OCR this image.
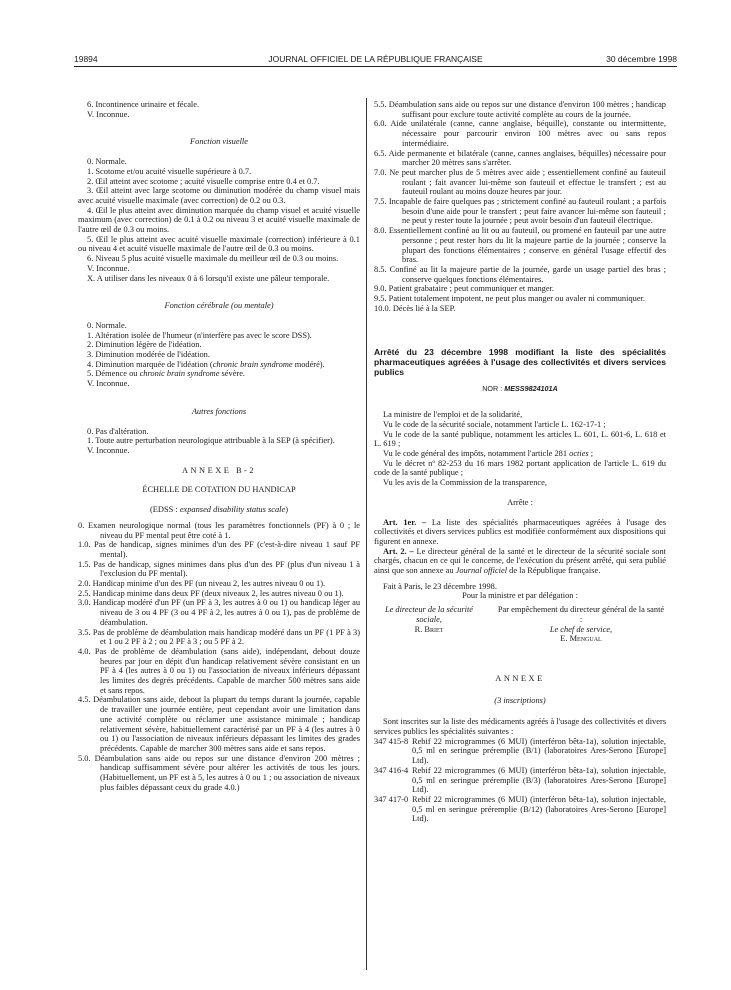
19894	JOURNAL OFFICIEL DE LA RÉPUBLIQUE FRANÇAISE	30 décembre 1998

6. Incontinence urinaire et fécale.

V. Inconnue.

Fonction visuelle

0. Normale.

1. Scotome et/ou acuité visuelle supérieure à 0.7.

2. Œil atteint avec scotome ; acuité visuelle comprise entre 0.4 et 0.7.

3. Œil atteint avec large scotome ou diminution modérée du champ visuel mais avec acuité visuelle maximale (avec correction) de 0.2 ou 0.3.

4. Œil le plus atteint avec diminution marquée du champ visuel et acuité visuelle maximum (avec correction) de 0.1 à 0.2 ou niveau 3 et acuité visuelle maximale de l'autre œil de 0.3 ou moins.

5. Œil le plus atteint avec acuité visuelle maximale (correction) inférieure à 0.1 ou niveau 4 et acuité visuelle maximale de l'autre œil de 0.3 ou moins.

6. Niveau 5 plus acuité visuelle maximale du meilleur œil de 0.3 ou moins.

V. Inconnue.

X. A utiliser dans les niveaux 0 à 6 lorsqu'il existe une pâleur temporale.

Fonction cérébrale (ou mentale)

0. Normale.

1. Altération isolée de l'humeur (n'interfère pas avec le score DSS).

2. Diminution légère de l'idéation.

3. Diminution modérée de l'idéation.

4. Diminution marquée de l'idéation (chronic brain syndrome modéré).

5. Démence ou chronic brain syndrome sévère.

V. Inconnue.

Autres fonctions

0. Pas d'altération.

1. Toute autre perturbation neurologique attribuable à la SEP (à spécifier).

V. Inconnue.

ANNEXE B-2

ÉCHELLE DE COTATION DU HANDICAP

(EDSS : expansed disability status scale)

0. Examen neurologique normal (tous les paramètres fonctionnels (PF) à 0 ; le niveau du PF mental peut être coté à 1.

1.0. Pas de handicap, signes minimes d'un des PF (c'est-à-dire niveau 1 sauf PF mental).

1.5. Pas de handicap, signes minimes dans plus d'un des PF (plus d'un niveau 1 à l'exclusion du PF mental).

2.0. Handicap minime d'un des PF (un niveau 2, les autres niveau 0 ou 1).

2.5. Handicap minime dans deux PF (deux niveaux 2, les autres niveau 0 ou 1).

3.0. Handicap modéré d'un PF (un PF à 3, les autres à 0 ou 1) ou handicap léger au niveau de 3 ou 4 PF (3 ou 4 PF à 2, les autres à 0 ou 1), pas de problème de déambulation.

3.5. Pas de problème de déambulation mais handicap modéré dans un PF (1 PF à 3) et 1 ou 2 PF à 2 ; ou 2 PF à 3 ; ou 5 PF à 2.

4.0. Pas de problème de déambulation (sans aide), indépendant, debout douze heures par jour en dépit d'un handicap relativement sévère consistant en un PF à 4 (les autres à 0 ou 1) ou l'association de niveaux inférieurs dépassant les limites des degrés précédents. Capable de marcher 500 mètres sans aide et sans repos.

4.5. Déambulation sans aide, debout la plupart du temps durant la journée, capable de travailler une journée entière, peut cependant avoir une limitation dans une activité complète ou réclamer une assistance minimale ; handicap relativement sévère, habituellement caractérisé par un PF à 4 (les autres à 0 ou 1) ou l'association de niveaux inférieurs dépassant les limites des grades précédents. Capable de marcher 300 mètres sans aide et sans repos.

5.0. Déambulation sans aide ou repos sur une distance d'environ 200 mètres ; handicap suffisamment sévère pour altérer les activités de tous les jours. (Habituellement, un PF est à 5, les autres à 0 ou 1 ; ou association de niveaux plus faibles dépassant ceux du grade 4.0.)

5.5. Déambulation sans aide ou repos sur une distance d'environ 100 mètres ; handicap suffisant pour exclure toute activité complète au cours de la journée.

6.0. Aide unilatérale (canne, canne anglaise, béquille), constante ou intermittente, nécessaire pour parcourir environ 100 mètres avec ou sans repos intermédiaire.

6.5. Aide permanente et bilatérale (canne, cannes anglaises, béquilles) nécessaire pour marcher 20 mètres sans s'arrêter.

7.0. Ne peut marcher plus de 5 mètres avec aide ; essentiellement confiné au fauteuil roulant ; fait avancer lui-même son fauteuil et effectue le transfert ; est au fauteuil roulant au moins douze heures par jour.

7.5. Incapable de faire quelques pas ; strictement confiné au fauteuil roulant ; a parfois besoin d'une aide pour le transfert ; peut faire avancer lui-même son fauteuil ; ne peut y rester toute la journée ; peut avoir besoin d'un fauteuil électrique.

8.0. Essentiellement confiné au lit ou au fauteuil, ou promené en fauteuil par une autre personne ; peut rester hors du lit la majeure partie de la journée ; conserve la plupart des fonctions élémentaires ; conserve en général l'usage effectif des bras.

8.5. Confiné au lit la majeure partie de la journée, garde un usage partiel des bras ; conserve quelques fonctions élémentaires.

9.0. Patient grabataire ; peut communiquer et manger.

9.5. Patient totalement impotent, ne peut plus manger ou avaler ni communiquer.

10.0. Décès lié à la SEP.

Arrêté du 23 décembre 1998 modifiant la liste des spécialités pharmaceutiques agréées à l'usage des collectivités et divers services publics

NOR : MESS9824101A

La ministre de l'emploi et de la solidarité,

Vu le code de la sécurité sociale, notamment l'article L. 162-17-1 ;

Vu le code de la santé publique, notamment les articles L. 601, L. 601-6, L. 618 et L. 619 ;

Vu le code général des impôts, notamment l'article 281 octies ;

Vu le décret nº 82-253 du 16 mars 1982 portant application de l'article L. 619 du code de la santé publique ;

Vu les avis de la Commission de la transparence,

Arrête :

Art. 1er. – La liste des spécialités pharmaceutiques agréées à l'usage des collectivités et divers services publics est modifiée conformément aux dispositions qui figurent en annexe.

Art. 2. – Le directeur général de la santé et le directeur de la sécurité sociale sont chargés, chacun en ce qui le concerne, de l'exécution du présent arrêté, qui sera publié ainsi que son annexe au Journal officiel de la République française.

Fait à Paris, le 23 décembre 1998.

Pour la ministre et par délégation :

Le directeur de la sécurité sociale,

R. Briet

Par empêchement du directeur général de la santé :

Le chef de service,

E. Mengual

ANNEXE

(3 inscriptions)

Sont inscrites sur la liste des médicaments agréés à l'usage des collectivités et divers services publics les spécialités suivantes :

347 415-8 Rebif 22 microgrammes (6 MUI) (interféron bêta-1a), solution injectable, 0,5 ml en seringue préremplie (B/1) (laboratoires Ares-Serono [Europe] Ltd).
347 416-4 Rebif 22 microgrammes (6 MUI) (interféron bêta-1a), solution injectable, 0,5 ml en seringue préremplie (B/3) (laboratoires Ares-Serono [Europe] Ltd).
347 417-0 Rebif 22 microgrammes (6 MUI) (interféron bêta-1a), solution injectable, 0,5 ml en seringue préremplie (B/12) (laboratoires Ares-Serono [Europe] Ltd).
